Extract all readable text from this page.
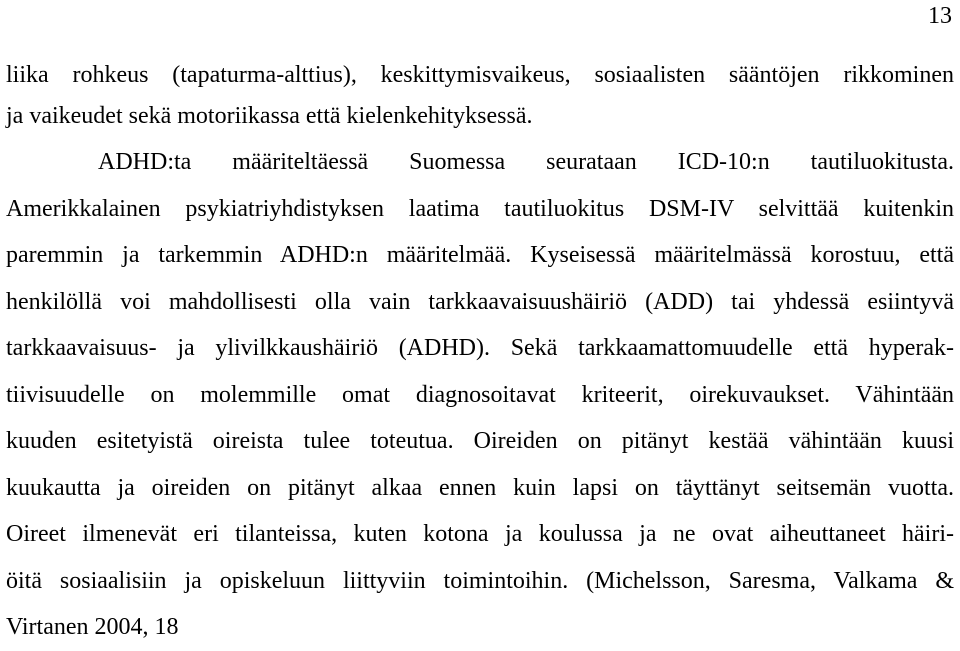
13
liika rohkeus (tapaturma-alttius), keskittymisvaikeus, sosiaalisten sääntöjen rikkominen
ja vaikeudet sekä motoriikassa että kielenkehityksessä.
ADHD:ta määriteltäessä Suomessa seurataan ICD-10:n tautiluokitusta.
Amerikkalainen psykiatriyhdistyksen laatima tautiluokitus DSM-IV selvittää kuitenkin
paremmin ja tarkemmin ADHD:n määritelmää. Kyseisessä määritelmässä korostuu, että
henkilöllä voi mahdollisesti olla vain tarkkaavaisuushäiriö (ADD) tai yhdessä esiintyvä
tarkkaavaisuus- ja ylivilkkaushäiriö (ADHD). Sekä tarkkaamattomuudelle että hyperak-
tiivisuudelle on molemmille omat diagnosoitavat kriteerit, oirekuvaukset. Vähintään
kuuden esitetyistä oireista tulee toteutua. Oireiden on pitänyt kestää vähintään kuusi
kuukautta ja oireiden on pitänyt alkaa ennen kuin lapsi on täyttänyt seitsemän vuotta.
Oireet ilmenevät eri tilanteissa, kuten kotona ja koulussa ja ne ovat aiheuttaneet häiri-
öitä sosiaalisiin ja opiskeluun liittyviin toimintoihin. (Michelsson, Saresma, Valkama &
Virtanen 2004, 18
